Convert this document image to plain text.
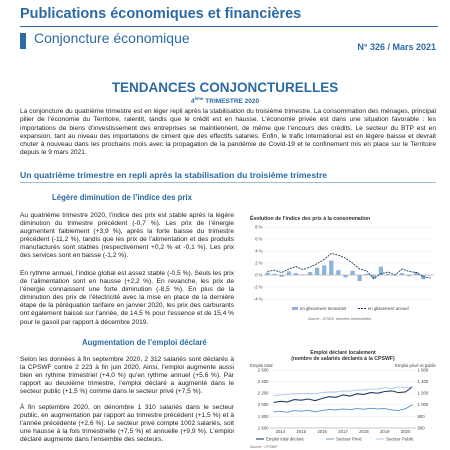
Publications économiques et financières
Conjoncture économique
N° 326 / Mars 2021
TENDANCES CONJONCTURELLES
4ème TRIMESTRE 2020

La conjoncture du quatrième trimestre est en léger repli après la stabilisation du troisième trimestre. La consommation des ménages, principal pilier de l’économie du Territoire, ralentit, tandis que le crédit est en hausse. L’économie privée est dans une situation favorable : les importations de biens d’investissement des entreprises se maintiennent, de même que l’encours des crédits. Le secteur du BTP est en expansion, tant au niveau des importations de ciment que des effectifs salariés. Enfin, le trafic international est en légère baisse et devrait chuter à nouveau dans les prochains mois avec la propagation de la pandémie de Covid-19 et le confinement mis en place sur le Territoire depuis le 9 mars 2021.

Un quatrième trimestre en repli après la stabilisation du troisième trimestre
Légère diminution de l’indice des prix

Au quatrième trimestre 2020, l’indice des prix est stable après la légère diminution du trimestre précédent (-0,7 %). Les prix de l’énergie augmentent faiblement (+3,9 %), après la forte baisse du trimestre précédent (-11,2 %), tandis que les prix de l’alimentation et des produits manufacturés sont stables (respectivement +0,2 % et -0,1 %). Les prix des services sont en baisse (-1,2 %).

En rythme annuel, l’indice global est assez stable (-0,5 %). Seuls les prix de l’alimentation sont en hausse (+2,2 %). En revanche, les prix de l’énergie connaissent une forte diminution (-8,5 %). En plus de la diminution des prix de l’électricité avec la mise en place de la dernière étape de la péréquation tarifaire en janvier 2020, les prix des carburants ont également baissé sur l’année, de 14,5 % pour l’essence et de 15,4 % pour le gasoil par rapport à décembre 2019.

Augmentation de l’emploi déclaré

Selon les données à fin septembre 2020, 2 312 salariés sont déclarés à la CPSWF contre 2 223 à fin juin 2020. Ainsi, l’emploi augmente aussi bien en rythme trimestriel (+4,0 %) qu’en rythme annuel (+5,6 %). Par rapport au deuxième trimestre, l’emploi déclaré a augmenté dans le secteur public (+1,5 %) comme dans le secteur privé (+7,5 %).

À fin septembre 2020, on dénombre 1 310 salariés dans le secteur public, en augmentation par rapport au trimestre précédent (+1,5 %) et à l’année précédente (+2,6 %). Le secteur privé compte 1002 salariés, soit une hausse à la fois trimestrielle (+7,5 %) et annuelle (+9,9 %). L’emploi déclaré augmente dans l’ensemble des secteurs.

Évolution de l’indice des prix à la consommation
8 %
6 %
4 %
2 %
0 %
-2 %
-4 %
en glissement trimestriel	en glissement annuel
Source : STSEE, données trimestrielles
Emploi déclaré localement
(nombre de salariés déclarés à la CPSWF)
Emploi total	Emploi privé et public
2 600	1 600
2 400	1 400
2 200	1 200
2 000	1 000
1 800	800
1 600	600
2014	2015	2016	2017	2018	2019	2020
Emploi total déclaré	Secteur Privé	Secteur Public
Source : CPSWF
